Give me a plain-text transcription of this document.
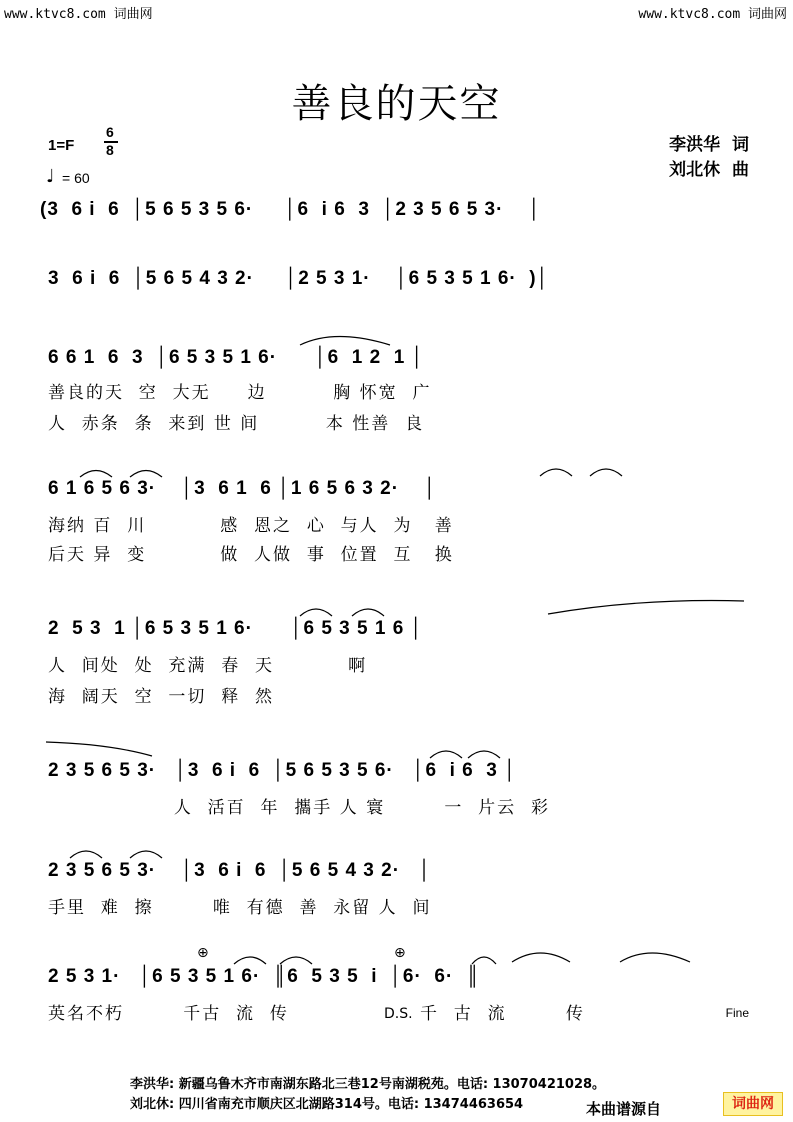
www.ktvc8.com 词曲网	www.ktvc8.com 词曲网
善良的天空
1=F
6
8
♩ = 60
李洪华  词
刘北休  曲
(3  6 i  6  │5 6 5 3 5 6·     │6  i 6  3  │2 3 5 6 5 3·    │
3  6 i  6  │5 6 5 4 3 2·     │2 5 3 1·    │6 5 3 5 1 6·  )│
6 6 1  6  3  │6 5 3 5 1 6·      │6  1 2  1 │
善良的天  空  大无     边         胸 怀宽  广
人  赤条  条  来到 世 间         本 性善  良
6 1 6 5 6 3·    │3  6 1  6 │1 6 5 6 3 2·    │
海纳 百  川          感  恩之  心  与人  为   善
后天 异  变          做  人做  事  位置  互   换
2  5 3  1 │6 5 3 5 1 6·      │6 5 3 5 1 6 │
人  间处  处  充满  春  天          啊
海  阔天  空  一切  释  然
2 3 5 6 5 3·   │3  6 i  6  │5 6 5 3 5 6·   │6  i 6  3 │
人  活百  年  攜手 人 寰        一  片云  彩
2 3 5 6 5 3·    │3  6 i  6  │5 6 5 4 3 2·   │
手里  难  擦        唯  有德  善  永留 人  间
2 5 3 1·   │6 5 3 5 1 6·  ║6  5 3 5  i  │6·  6·  ║
英名不朽        千古  流  传	D.S. 千  古  流        传
⊕	⊕
Fine
李洪华: 新疆乌鲁木齐市南湖东路北三巷12号南湖税苑。电话: 13070421028。
刘北休: 四川省南充市顺庆区北湖路314号。电话: 13474463654	本曲谱源自	词曲网
